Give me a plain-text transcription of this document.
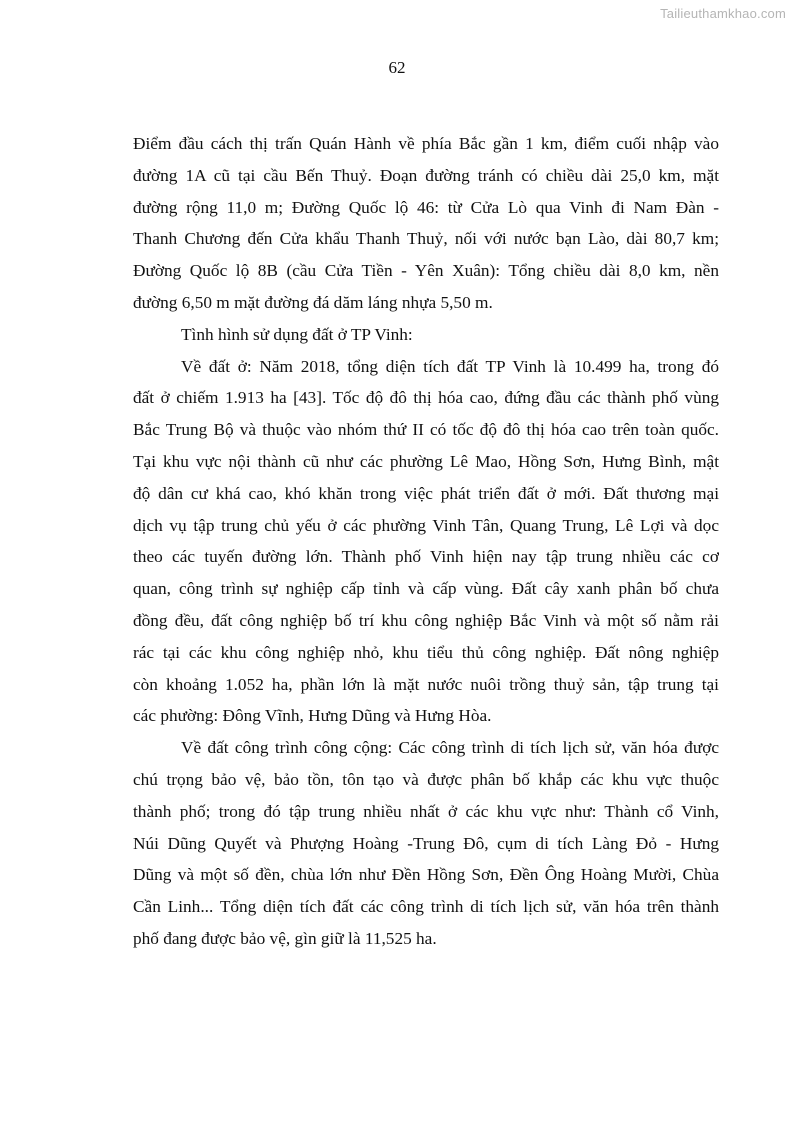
Tailieuthamkhao.com
62
Điểm đầu cách thị trấn Quán Hành về phía Bắc gần 1 km, điểm cuối nhập vào
đường 1A cũ tại cầu Bến Thuỷ. Đoạn đường tránh có chiều dài 25,0 km, mặt
đường rộng 11,0 m; Đường Quốc lộ 46: từ Cửa Lò qua Vinh đi Nam Đàn -
Thanh Chương đến Cửa khẩu Thanh Thuỷ, nối với nước bạn Lào, dài 80,7 km;
Đường Quốc lộ 8B (cầu Cửa Tiền - Yên Xuân): Tổng chiều dài 8,0 km, nền
đường 6,50 m mặt đường đá dăm láng nhựa 5,50 m.
Tình hình sử dụng đất ở TP Vinh:
Về đất ở: Năm 2018, tổng diện tích đất TP Vinh là 10.499 ha, trong đó
đất ở chiếm 1.913 ha [43]. Tốc độ đô thị hóa cao, đứng đầu các thành phố vùng
Bắc Trung Bộ và thuộc vào nhóm thứ II có tốc độ đô thị hóa cao trên toàn quốc.
Tại khu vực nội thành cũ như các phường Lê Mao, Hồng Sơn, Hưng Bình, mật
độ dân cư khá cao, khó khăn trong việc phát triển đất ở mới. Đất thương mại
dịch vụ tập trung chủ yếu ở các phường Vinh Tân, Quang Trung, Lê Lợi và dọc
theo các tuyến đường lớn. Thành phố Vinh hiện nay tập trung nhiều các cơ
quan, công trình sự nghiệp cấp tỉnh và cấp vùng. Đất cây xanh phân bố chưa
đồng đều, đất công nghiệp bố trí khu công nghiệp Bắc Vinh và một số nằm rải
rác tại các khu công nghiệp nhỏ, khu tiểu thủ công nghiệp. Đất nông nghiệp
còn khoảng 1.052 ha, phần lớn là mặt nước nuôi trồng thuỷ sản, tập trung tại
các phường: Đông Vĩnh, Hưng Dũng và Hưng Hòa.
Về đất công trình công cộng: Các công trình di tích lịch sử, văn hóa được
chú trọng bảo vệ, bảo tồn, tôn tạo và được phân bố khắp các khu vực thuộc
thành phố; trong đó tập trung nhiều nhất ở các khu vực như: Thành cổ Vinh,
Núi Dũng Quyết và Phượng Hoàng -Trung Đô, cụm di tích Làng Đỏ - Hưng
Dũng và một số đền, chùa lớn như Đền Hồng Sơn, Đền Ông Hoàng Mười, Chùa
Cần Linh... Tổng diện tích đất các công trình di tích lịch sử, văn hóa trên thành
phố đang được bảo vệ, gìn giữ là 11,525 ha.
